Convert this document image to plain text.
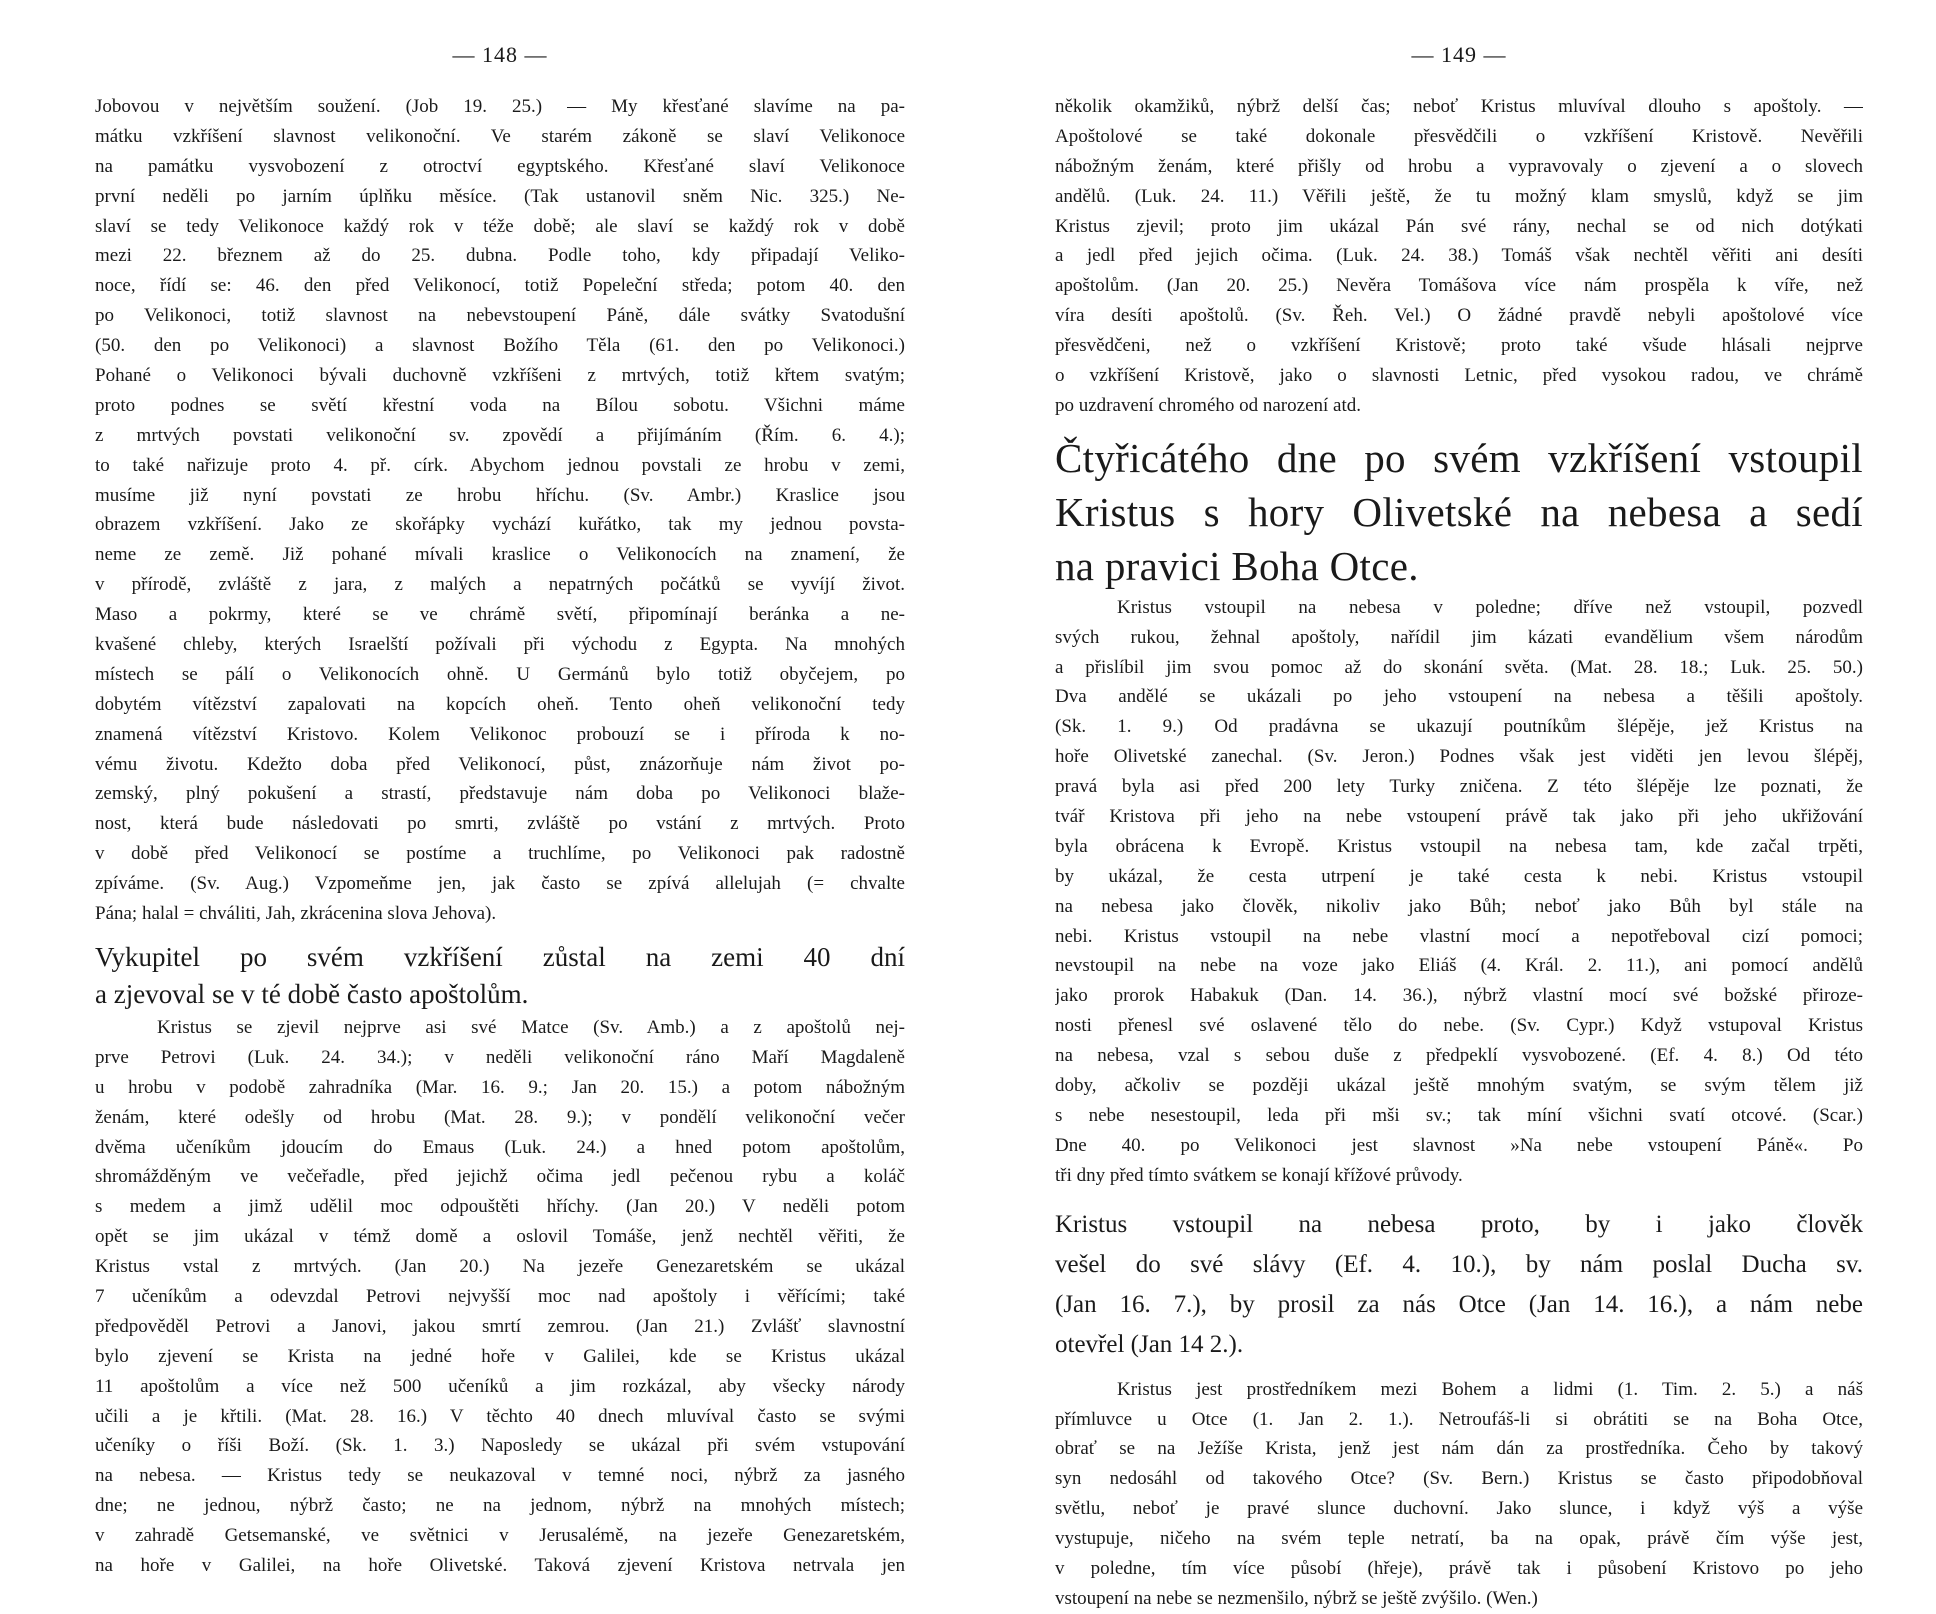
— 148 —
Jobovou v největším soužení. (Job 19. 25.) — My křesťané slavíme na pa-
mátku vzkříšení slavnost velikonoční. Ve starém zákoně se slaví Velikonoce
na památku vysvobození z otroctví egyptského. Křesťané slaví Velikonoce
první neděli po jarním úplňku měsíce. (Tak ustanovil sněm Nic. 325.) Ne-
slaví se tedy Velikonoce každý rok v téže době; ale slaví se každý rok v době
mezi 22. březnem až do 25. dubna. Podle toho, kdy připadají Veliko-
noce, řídí se: 46. den před Velikonocí, totiž Popeleční středa; potom 40. den
po Velikonoci, totiž slavnost na nebevstoupení Páně, dále svátky Svatodušní
(50. den po Velikonoci) a slavnost Božího Těla (61. den po Velikonoci.)
Pohané o Velikonoci bývali duchovně vzkříšeni z mrtvých, totiž křtem svatým;
proto podnes se světí křestní voda na Bílou sobotu. Všichni máme
z mrtvých povstati velikonoční sv. zpovědí a přijímáním (Řím. 6. 4.);
to také nařizuje proto 4. př. círk. Abychom jednou povstali ze hrobu v zemi,
musíme již nyní povstati ze hrobu hříchu. (Sv. Ambr.) Kraslice jsou
obrazem vzkříšení. Jako ze skořápky vychází kuřátko, tak my jednou povsta-
neme ze země. Již pohané mívali kraslice o Velikonocích na znamení, že
v přírodě, zvláště z jara, z malých a nepatrných počátků se vyvíjí život.
Maso a pokrmy, které se ve chrámě světí, připomínají beránka a ne-
kvašené chleby, kterých Israelští požívali při východu z Egypta. Na mnohých
místech se pálí o Velikonocích ohně. U Germánů bylo totiž obyčejem, po
dobytém vítězství zapalovati na kopcích oheň. Tento oheň velikonoční tedy
znamená vítězství Kristovo. Kolem Velikonoc probouzí se i příroda k no-
vému životu. Kdežto doba před Velikonocí, půst, znázorňuje nám život po-
zemský, plný pokušení a strastí, představuje nám doba po Velikonoci blaže-
nost, která bude následovati po smrti, zvláště po vstání z mrtvých. Proto
v době před Velikonocí se postíme a truchlíme, po Velikonoci pak radostně
zpíváme. (Sv. Aug.) Vzpomeňme jen, jak často se zpívá allelujah (= chvalte
Pána; halal = chváliti, Jah, zkrácenina slova Jehova).
Vykupitel po svém vzkříšení zůstal na zemi 40 dní
a zjevoval se v té době často apoštolům.
Kristus se zjevil nejprve asi své Matce (Sv. Amb.) a z apoštolů nej-
prve Petrovi (Luk. 24. 34.); v neděli velikonoční ráno Maří Magdaleně
u hrobu v podobě zahradníka (Mar. 16. 9.; Jan 20. 15.) a potom nábožným
ženám, které odešly od hrobu (Mat. 28. 9.); v pondělí velikonoční večer
dvěma učeníkům jdoucím do Emaus (Luk. 24.) a hned potom apoštolům,
shromážděným ve večeřadle, před jejichž očima jedl pečenou rybu a koláč
s medem a jimž udělil moc odpouštěti hříchy. (Jan 20.) V neděli potom
opět se jim ukázal v témž domě a oslovil Tomáše, jenž nechtěl věřiti, že
Kristus vstal z mrtvých. (Jan 20.) Na jezeře Genezaretském se ukázal
7 učeníkům a odevzdal Petrovi nejvyšší moc nad apoštoly i věřícími; také
předpověděl Petrovi a Janovi, jakou smrtí zemrou. (Jan 21.) Zvlášť slavnostní
bylo zjevení se Krista na jedné hoře v Galilei, kde se Kristus ukázal
11 apoštolům a více než 500 učeníků a jim rozkázal, aby všecky národy
učili a je křtili. (Mat. 28. 16.) V těchto 40 dnech mluvíval často se svými
učeníky o říši Boží. (Sk. 1. 3.) Naposledy se ukázal při svém vstupování
na nebesa. — Kristus tedy se neukazoval v temné noci, nýbrž za jasného
dne; ne jednou, nýbrž často; ne na jednom, nýbrž na mnohých místech;
v zahradě Getsemanské, ve světnici v Jerusalémě, na jezeře Genezaretském,
na hoře v Galilei, na hoře Olivetské. Taková zjevení Kristova netrvala jen
— 149 —
několik okamžiků, nýbrž delší čas; neboť Kristus mluvíval dlouho s apoštoly. —
Apoštolové se také dokonale přesvědčili o vzkříšení Kristově. Nevěřili
nábožným ženám, které přišly od hrobu a vypravovaly o zjevení a o slovech
andělů. (Luk. 24. 11.) Věřili ještě, že tu možný klam smyslů, když se jim
Kristus zjevil; proto jim ukázal Pán své rány, nechal se od nich dotýkati
a jedl před jejich očima. (Luk. 24. 38.) Tomáš však nechtěl věřiti ani desíti
apoštolům. (Jan 20. 25.) Nevěra Tomášova více nám prospěla k víře, než
víra desíti apoštolů. (Sv. Řeh. Vel.) O žádné pravdě nebyli apoštolové více
přesvědčeni, než o vzkříšení Kristově; proto také všude hlásali nejprve
o vzkříšení Kristově, jako o slavnosti Letnic, před vysokou radou, ve chrámě
po uzdravení chromého od narození atd.
Čtyřicátého dne po svém vzkříšení vstoupil
Kristus s hory Olivetské na nebesa a sedí
na pravici Boha Otce.
Kristus vstoupil na nebesa v poledne; dříve než vstoupil, pozvedl
svých rukou, žehnal apoštoly, nařídil jim kázati evandělium všem národům
a přislíbil jim svou pomoc až do skonání světa. (Mat. 28. 18.; Luk. 25. 50.)
Dva andělé se ukázali po jeho vstoupení na nebesa a těšili apoštoly.
(Sk. 1. 9.) Od pradávna se ukazují poutníkům šlépěje, jež Kristus na
hoře Olivetské zanechal. (Sv. Jeron.) Podnes však jest viděti jen levou šlépěj,
pravá byla asi před 200 lety Turky zničena. Z této šlépěje lze poznati, že
tvář Kristova při jeho na nebe vstoupení právě tak jako při jeho ukřižování
byla obrácena k Evropě. Kristus vstoupil na nebesa tam, kde začal trpěti,
by ukázal, že cesta utrpení je také cesta k nebi. Kristus vstoupil
na nebesa jako člověk, nikoliv jako Bůh; neboť jako Bůh byl stále na
nebi. Kristus vstoupil na nebe vlastní mocí a nepotřeboval cizí pomoci;
nevstoupil na nebe na voze jako Eliáš (4. Král. 2. 11.), ani pomocí andělů
jako prorok Habakuk (Dan. 14. 36.), nýbrž vlastní mocí své božské přiroze-
nosti přenesl své oslavené tělo do nebe. (Sv. Cypr.) Když vstupoval Kristus
na nebesa, vzal s sebou duše z předpeklí vysvobozené. (Ef. 4. 8.) Od této
doby, ačkoliv se později ukázal ještě mnohým svatým, se svým tělem již
s nebe nesestoupil, leda při mši sv.; tak míní všichni svatí otcové. (Scar.)
Dne 40. po Velikonoci jest slavnost »Na nebe vstoupení Páně«. Po
tři dny před tímto svátkem se konají křížové průvody.
Kristus vstoupil na nebesa proto, by i jako člověk
vešel do své slávy (Ef. 4. 10.), by nám poslal Ducha sv.
(Jan 16. 7.), by prosil za nás Otce (Jan 14. 16.), a nám nebe
otevřel (Jan 14 2.).
Kristus jest prostředníkem mezi Bohem a lidmi (1. Tim. 2. 5.) a náš
přímluvce u Otce (1. Jan 2. 1.). Netroufáš-li si obrátiti se na Boha Otce,
obrať se na Ježíše Krista, jenž jest nám dán za prostředníka. Čeho by takový
syn nedosáhl od takového Otce? (Sv. Bern.) Kristus se často připodobňoval
světlu, neboť je pravé slunce duchovní. Jako slunce, i když výš a výše
vystupuje, ničeho na svém teple netratí, ba na opak, právě čím výše jest,
v poledne, tím více působí (hřeje), právě tak i působení Kristovo po jeho
vstoupení na nebe se nezmenšilo, nýbrž se ještě zvýšilo. (Wen.)
